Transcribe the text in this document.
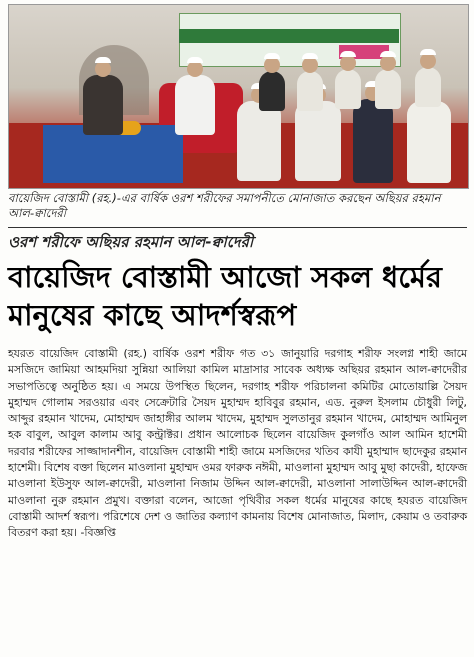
বায়েজিদ বোস্তামী (রহ.)-এর বার্ষিক ওরশ শরীফের সমাপনীতে মোনাজাত করছেন অছিয়র রহমান আল-ক্বাদেরী
ওরশ শরীফে অছিয়র রহমান আল-ক্বাদেরী
বায়েজিদ বোস্তামী আজো সকল ধর্মের মানুষের কাছে আদর্শস্বরূপ

হযরত বায়েজিদ বোস্তামী (রহ.) বার্ষিক ওরশ শরীফ গত ৩১ জানুয়ারি দরগাহ শরীফ সংলগ্ন শাহী জামে মসজিদে জামিয়া আহমদিয়া সুন্নিয়া আলিয়া কামিল মাদ্রাসার সাবেক অধ্যক্ষ অছিয়র রহমান আল-ক্বাদেরীর সভাপতিত্বে অনুষ্ঠিত হয়। এ সময়ে উপস্থিত ছিলেন, দরগাহ শরীফ পরিচালনা কমিটির মোতোয়াল্লি সৈয়দ মুহাম্মদ গোলাম সরওয়ার এবং সেক্রেটারি সৈয়দ মুহাম্মদ হাবিবুর রহমান, এড. নুরুল ইসলাম চৌধুরী লিটু, আব্দুর রহমান খাদেম, মোহাম্মদ জাহাঙ্গীর আলম খাদেম, মুহাম্মদ সুলতানুর রহমান খাদেম, মোহাম্মদ আমিনুল হক বাবুল, আবুল কালাম আবু কন্ট্রাক্টর। প্রধান আলোচক ছিলেন বায়েজিদ কুলগাঁও আল আমিন হাশেমী দরবার শরীফের সাজ্জাদানশীন, বায়েজিদ বোস্তামী শাহী জামে মসজিদের খতিব কাযী মুহাম্মাদ ছাদেকুর রহমান হাশেমী। বিশেষ বক্তা ছিলেন মাওলানা মুহাম্মদ ওমর ফারুক নঈমী, মাওলানা মুহাম্মদ আবু মুছা কাদেরী, হাফেজ মাওলানা ইউসুফ আল-ক্বাদেরী, মাওলানা নিজাম উদ্দিন আল-ক্বাদেরী, মাওলানা সালাউদ্দিন আল-ক্বাদেরী মাওলানা নুরু রহমান প্রমুখ। বক্তারা বলেন, আজো পৃথিবীর সকল ধর্মের মানুষের কাছে হযরত বায়েজিদ বোস্তামী আদর্শ স্বরূপ। পরিশেষে দেশ ও জাতির কল্যাণ কামনায় বিশেষ মোনাজাত, মিলাদ, কেয়াম ও তবারুক বিতরণ করা হয়। -বিজ্ঞপ্তি
